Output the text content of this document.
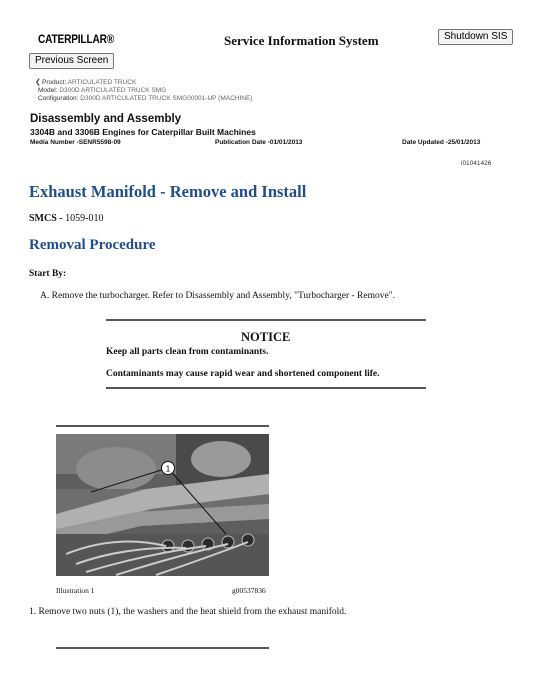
CATERPILLAR®	Service Information System	Shutdown SIS
Previous Screen
❮Product: ARTICULATED TRUCK
Model: D300D ARTICULATED TRUCK SMG
Configuration: D300D ARTICULATED TRUCK SMG00001-UP (MACHINE)
Disassembly and Assembly
3304B and 3306B Engines for Caterpillar Built Machines
Media Number -SENR5598-09	Publication Date -01/01/2013	Date Updated -25/01/2013
i01041426
Exhaust Manifold - Remove and Install
SMCS - 1059-010
Removal Procedure
Start By:
A. Remove the turbocharger. Refer to Disassembly and Assembly, "Turbocharger - Remove".
NOTICE
Keep all parts clean from contaminants.
Contaminants may cause rapid wear and shortened component life.
1
Illustration 1	g00537836
1. Remove two nuts (1), the washers and the heat shield from the exhaust manifold.
